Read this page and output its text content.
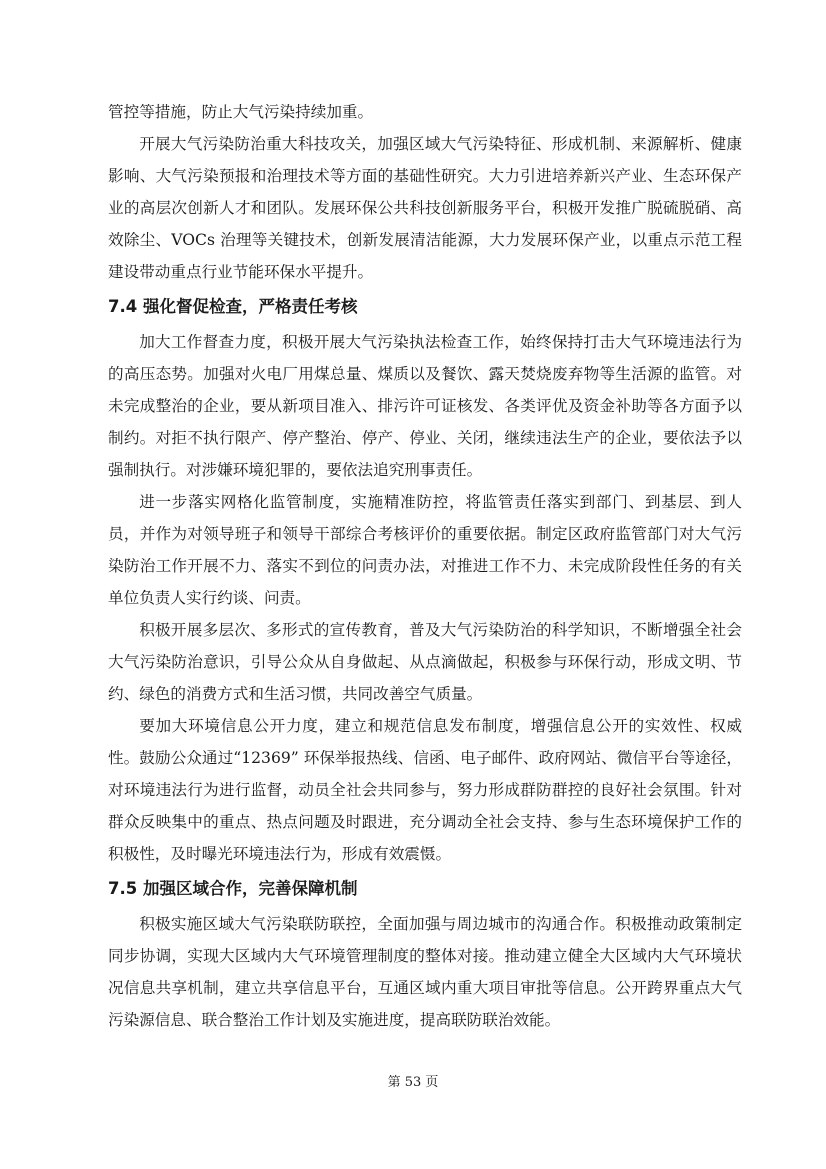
管控等措施，防止大气污染持续加重。

开展大气污染防治重大科技攻关，加强区域大气污染特征、形成机制、来源解析、健康影响、大气污染预报和治理技术等方面的基础性研究。大力引进培养新兴产业、生态环保产业的高层次创新人才和团队。发展环保公共科技创新服务平台，积极开发推广脱硫脱硝、高效除尘、VOCs 治理等关键技术，创新发展清洁能源，大力发展环保产业，以重点示范工程建设带动重点行业节能环保水平提升。

7.4 强化督促检查，严格责任考核

加大工作督查力度，积极开展大气污染执法检查工作，始终保持打击大气环境违法行为的高压态势。加强对火电厂用煤总量、煤质以及餐饮、露天焚烧废弃物等生活源的监管。对未完成整治的企业，要从新项目准入、排污许可证核发、各类评优及资金补助等各方面予以制约。对拒不执行限产、停产整治、停产、停业、关闭，继续违法生产的企业，要依法予以强制执行。对涉嫌环境犯罪的，要依法追究刑事责任。

进一步落实网格化监管制度，实施精准防控，将监管责任落实到部门、到基层、到人员，并作为对领导班子和领导干部综合考核评价的重要依据。制定区政府监管部门对大气污染防治工作开展不力、落实不到位的问责办法，对推进工作不力、未完成阶段性任务的有关单位负责人实行约谈、问责。

积极开展多层次、多形式的宣传教育，普及大气污染防治的科学知识，不断增强全社会大气污染防治意识，引导公众从自身做起、从点滴做起，积极参与环保行动，形成文明、节约、绿色的消费方式和生活习惯，共同改善空气质量。

要加大环境信息公开力度，建立和规范信息发布制度，增强信息公开的实效性、权威性。鼓励公众通过“12369” 环保举报热线、信函、电子邮件、政府网站、微信平台等途径，对环境违法行为进行监督，动员全社会共同参与，努力形成群防群控的良好社会氛围。针对群众反映集中的重点、热点问题及时跟进，充分调动全社会支持、参与生态环境保护工作的积极性，及时曝光环境违法行为，形成有效震慑。

7.5 加强区域合作，完善保障机制

积极实施区域大气污染联防联控，全面加强与周边城市的沟通合作。积极推动政策制定同步协调，实现大区域内大气环境管理制度的整体对接。推动建立健全大区域内大气环境状况信息共享机制，建立共享信息平台，互通区域内重大项目审批等信息。公开跨界重点大气污染源信息、联合整治工作计划及实施进度，提高联防联治效能。

第 53 页
